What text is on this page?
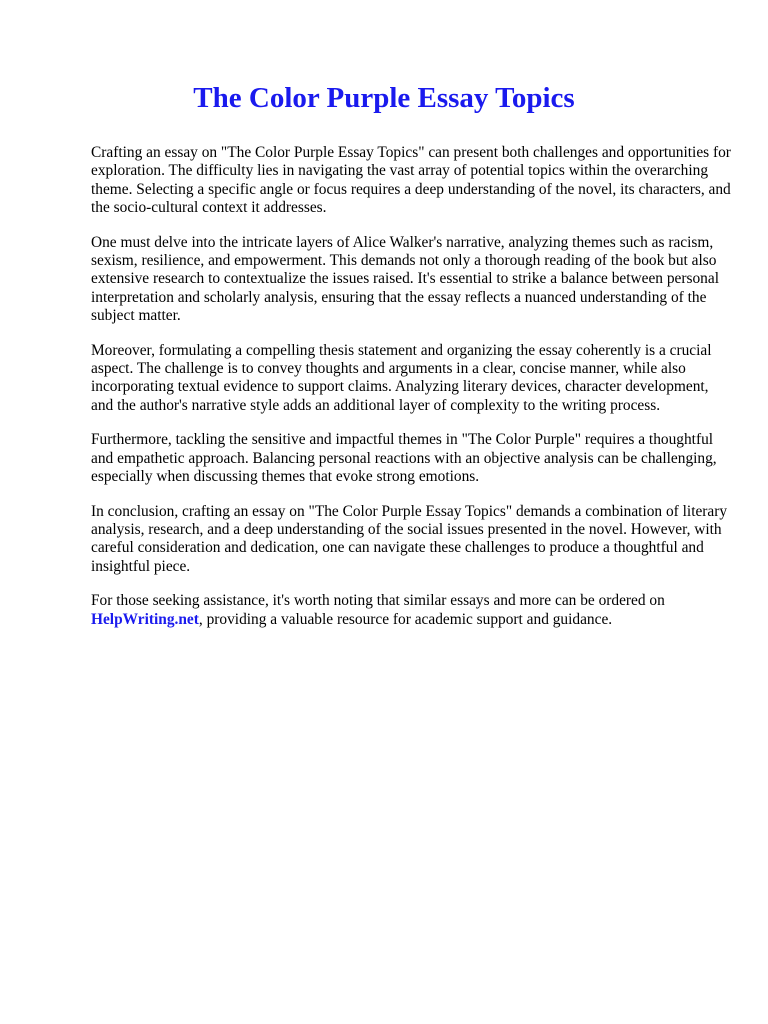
The Color Purple Essay Topics

Crafting an essay on "The Color Purple Essay Topics" can present both challenges and opportunities for exploration. The difficulty lies in navigating the vast array of potential topics within the overarching theme. Selecting a specific angle or focus requires a deep understanding of the novel, its characters, and the socio-cultural context it addresses.

One must delve into the intricate layers of Alice Walker's narrative, analyzing themes such as racism, sexism, resilience, and empowerment. This demands not only a thorough reading of the book but also extensive research to contextualize the issues raised. It's essential to strike a balance between personal interpretation and scholarly analysis, ensuring that the essay reflects a nuanced understanding of the subject matter.

Moreover, formulating a compelling thesis statement and organizing the essay coherently is a crucial aspect. The challenge is to convey thoughts and arguments in a clear, concise manner, while also incorporating textual evidence to support claims. Analyzing literary devices, character development, and the author's narrative style adds an additional layer of complexity to the writing process.

Furthermore, tackling the sensitive and impactful themes in "The Color Purple" requires a thoughtful and empathetic approach. Balancing personal reactions with an objective analysis can be challenging, especially when discussing themes that evoke strong emotions.

In conclusion, crafting an essay on "The Color Purple Essay Topics" demands a combination of literary analysis, research, and a deep understanding of the social issues presented in the novel. However, with careful consideration and dedication, one can navigate these challenges to produce a thoughtful and insightful piece.

For those seeking assistance, it's worth noting that similar essays and more can be ordered on HelpWriting.net, providing a valuable resource for academic support and guidance.
